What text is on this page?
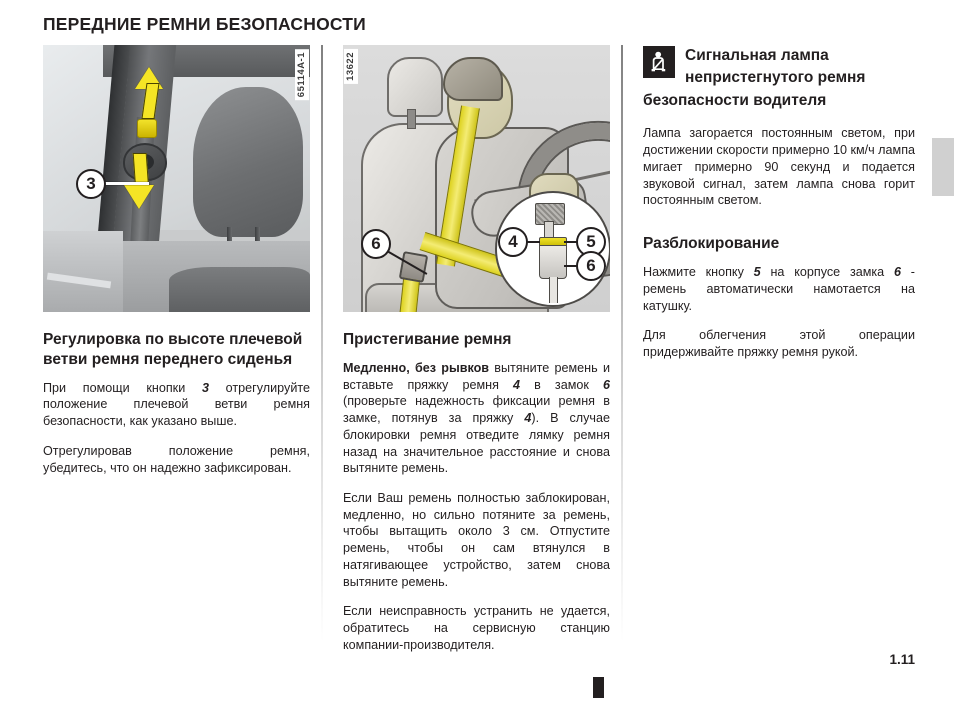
ПЕРЕДНИЕ РЕМНИ БЕЗОПАСНОСТИ
3
65114A-1
Регулировка по высоте плечевой ветви ремня переднего сиденья

При помощи кнопки 3 отрегулируйте положение плечевой ветви ремня безопасности, как указано выше.

Отрегулировав положение ремня, убедитесь, что он надежно зафиксирован.

6	4	5
6
13622
Пристегивание ремня

Медленно, без рывков вытяните ремень и вставьте пряжку ремня 4 в замок 6 (проверьте надежность фиксации ремня в замке, потянув за пряжку 4). В случае блокировки ремня отведите лямку ремня назад на значительное расстояние и снова вытяните ремень.

Если Ваш ремень полностью заблокирован, медленно, но сильно потяните за ремень, чтобы вытащить около 3 см. Отпустите ремень, чтобы он сам втянулся в натягивающее устройство, затем снова вытяните ремень.

Если неисправность устранить не удается, обратитесь на сервисную станцию компании-производителя.

Сигнальная лампа непристегнутого ремня безопасности водителя

Лампа загорается постоянным светом, при достижении скорости примерно 10 км/ч лампа мигает примерно 90 секунд и подается звуковой сигнал, затем лампа снова горит постоянным светом.

Разблокирование

Нажмите кнопку 5 на корпусе замка 6 - ремень автоматически намотается на катушку.

Для облегчения этой операции придерживайте пряжку ремня рукой.

1.11
